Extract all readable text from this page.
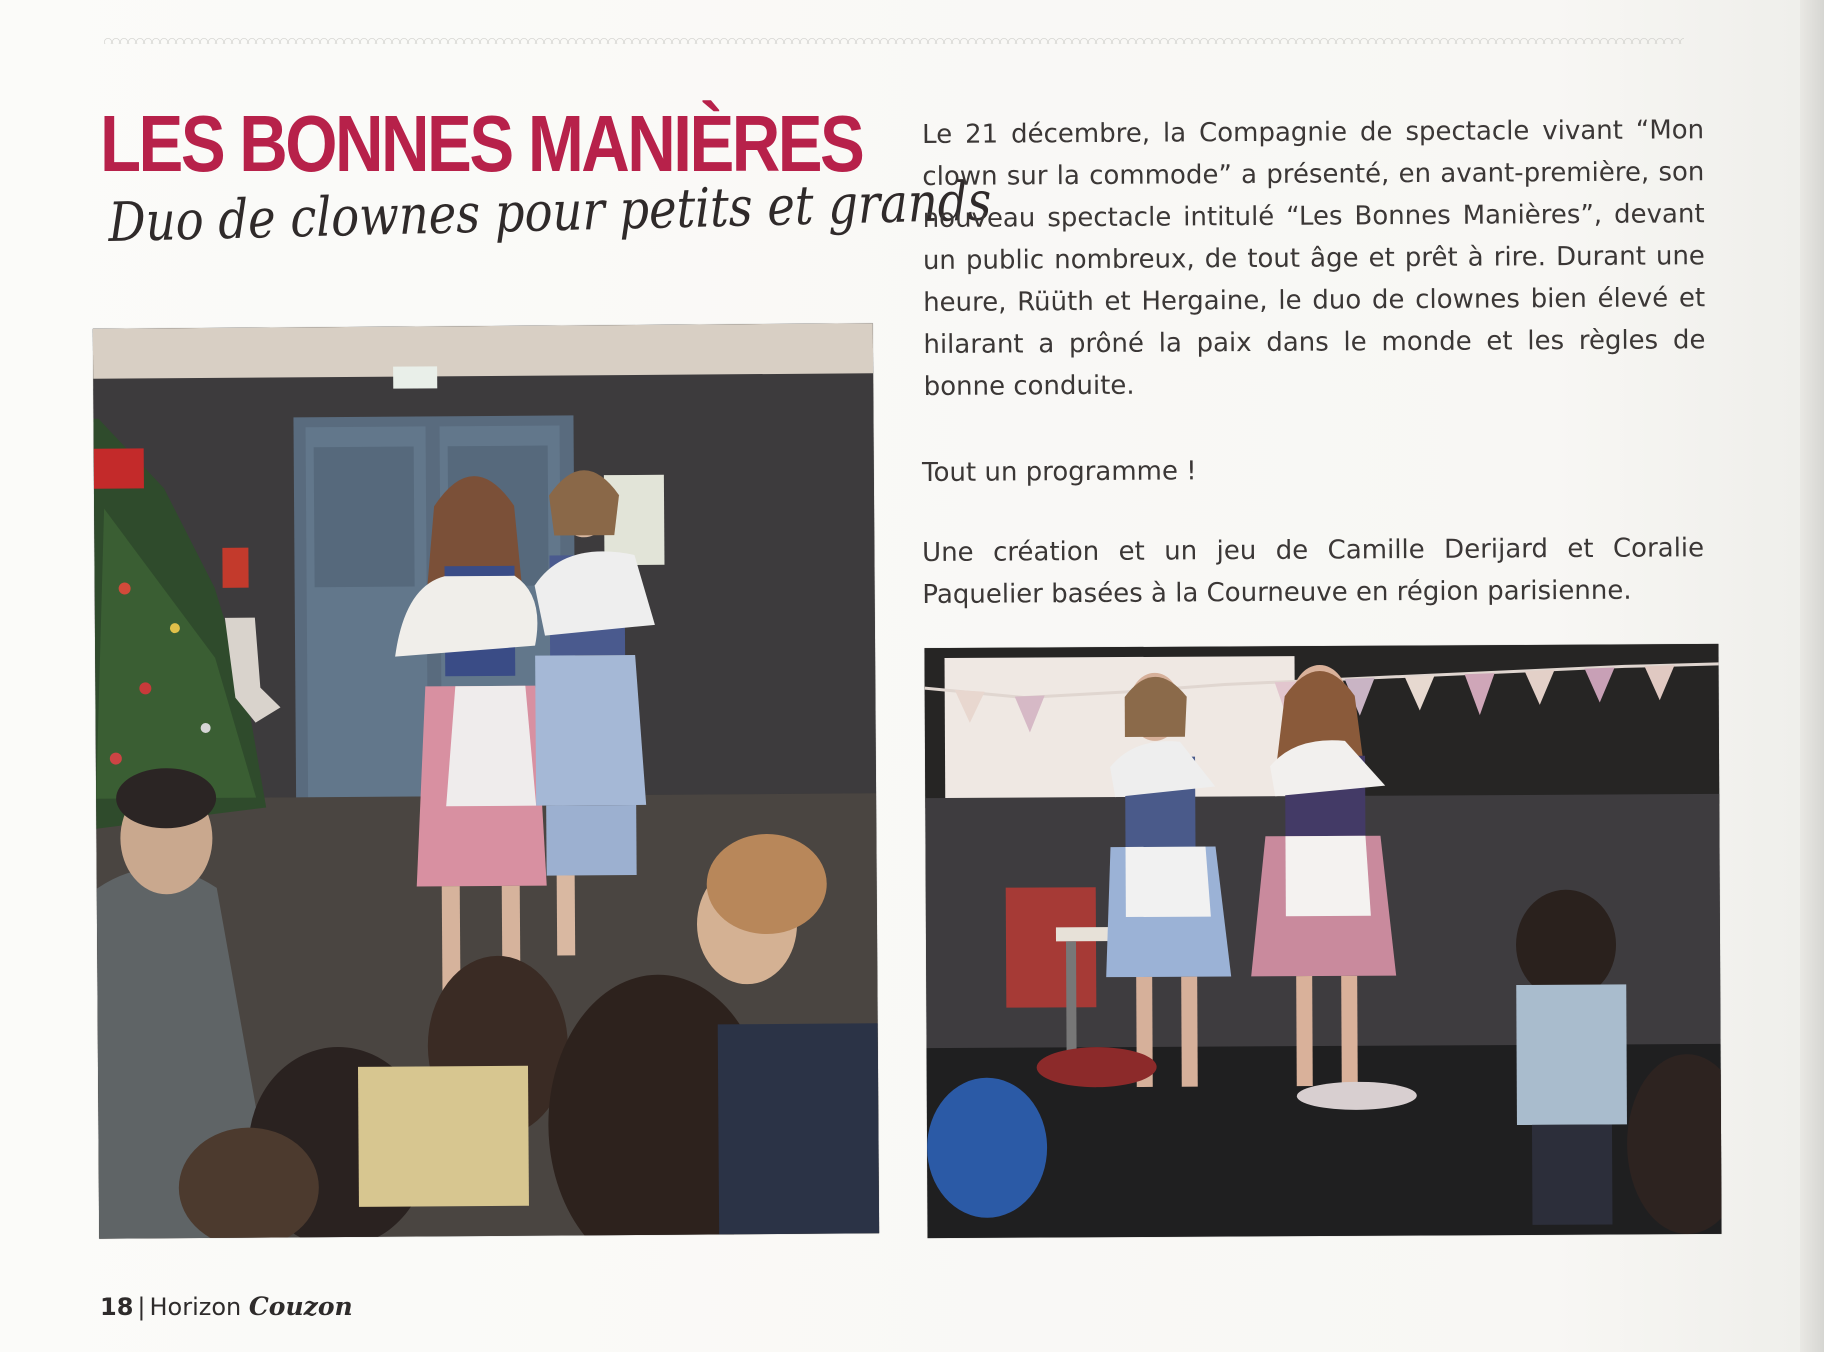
LES BONNES MANIÈRES
Duo de clownes pour petits et grands
Le 21 décembre, la Compagnie de spectacle vivant “Mon clown sur la commode” a présenté, en avant-première, son nouveau spectacle intitulé “Les Bonnes Manières”, devant un public nombreux, de tout âge et prêt à rire. Durant une heure, Rüüth et Hergaine, le duo de clownes bien élevé et hilarant a prôné la paix dans le monde et les règles de bonne conduite.
Tout un programme !
Une création et un jeu de Camille Derijard et Coralie Paquelier basées à la Courneuve en région parisienne.
18 | Horizon Couzon
